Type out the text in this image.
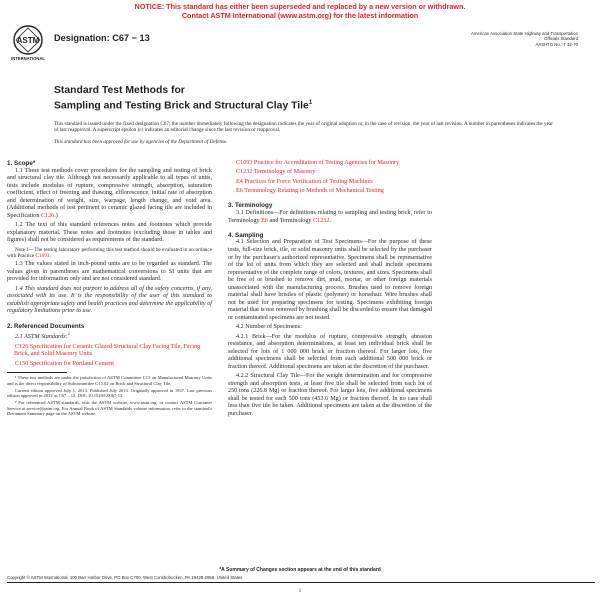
NOTICE: This standard has either been superseded and replaced by a new version or withdrawn.
Contact ASTM International (www.astm.org) for the latest information
ASTM
INTERNATIONAL
Designation: C67 − 13	American Association State Highway and Transportation
Officials Standard
AASHTO No.: T 32-70
Standard Test Methods for
Sampling and Testing Brick and Structural Clay Tile$^1$

This standard is issued under the fixed designation C67; the number immediately following the designation indicates the year of original adoption or, in the case of revision, the year of last revision. A number in parentheses indicates the year of last reapproval. A superscript epsilon (ε) indicates an editorial change since the last revision or reapproval.

This standard has been approved for use by agencies of the Department of Defense.

1. Scope*

1.1 These test methods cover procedures for the sampling and testing of brick and structural clay tile. Although not necessarily applicable to all types of units, tests include modulus of rupture, compressive strength, absorption, saturation coefficient, effect of freezing and thawing, efflorescence, initial rate of absorption and determination of weight, size, warpage, length change, and void area. (Additional methods of test pertinent to ceramic glazed facing tile are included in Specification C126.)

1.2 The text of this standard references notes and footnotes which provide explanatory material. These notes and footnotes (excluding those in tables and figures) shall not be considered as requirements of the standard.

Note 1—The testing laboratory performing this test method should be evaluated in accordance with Practice C1093.

1.3 The values stated in inch-pound units are to be regarded as standard. The values given in parentheses are mathematical conversions to SI units that are provided for information only and are not considered standard.

1.4 This standard does not purport to address all of the safety concerns, if any, associated with its use. It is the responsibility of the user of this standard to establish appropriate safety and health practices and determine the applicability of regulatory limitations prior to use.

2. Referenced Documents

2.1 ASTM Standards:$^2$

C126 Specification for Ceramic Glazed Structural Clay Facing Tile, Facing Brick, and Solid Masonry Units

C150 Specification for Portland Cement

¹ These test methods are under the jurisdiction of ASTM Committee C15 on Manufactured Masonry Units and is the direct responsibility of Subcommittee C15.02 on Brick and Structural Clay Tile.

Current edition approved July 1, 2013. Published July 2013. Originally approved in 1937. Last previous edition approved in 2012 as C67 – 12. DOI: 10.1520/C0067-13.

² For referenced ASTM standards, visit the ASTM website, www.astm.org, or contact ASTM Customer Service at service@astm.org. For Annual Book of ASTM Standards volume information, refer to the standard's Document Summary page on the ASTM website.

C1093 Practice for Accreditation of Testing Agencies for Masonry

C1232 Terminology of Masonry

E4 Practices for Force Verification of Testing Machines

E6 Terminology Relating to Methods of Mechanical Testing

3. Terminology

3.1 Definitions—For definitions relating to sampling and testing brick, refer to Terminology E6 and Terminology C1232.

4. Sampling

4.1 Selection and Preparation of Test Specimens—For the purpose of these tests, full-size brick, tile, or solid masonry units shall be selected by the purchaser or by the purchaser's authorized representative. Specimens shall be representative of the lot of units from which they are selected and shall include specimens representative of the complete range of colors, textures, and sizes. Specimens shall be free of or brushed to remove dirt, mud, mortar, or other foreign materials unassociated with the manufacturing process. Brushes used to remove foreign material shall have bristles of plastic (polymer) or horsehair. Wire brushes shall not be used for preparing specimens for testing. Specimens exhibiting foreign material that is not removed by brushing shall be discarded to ensure that damaged or contaminated specimens are not tested.

4.2 Number of Specimens:

4.2.1 Brick—For the modulus of rupture, compressive strength, abrasion resistance, and absorption determinations, at least ten individual brick shall be selected for lots of 1 000 000 brick or fraction thereof. For larger lots, five additional specimens shall be selected from each additional 500 000 brick or fraction thereof. Additional specimens are taken at the discretion of the purchaser.

4.2.2 Structural Clay Tile—For the weight determination and for compressive strength and absorption tests, at least five tile shall be selected from each lot of 250 tons (226.8 Mg) or fraction thereof. For larger lots, five additional specimens shall be tested for each 500 tons (453.6 Mg) or fraction thereof. In no case shall less than five tile be taken. Additional specimens are taken at the discretion of the purchaser.

*A Summary of Changes section appears at the end of this standard
Copyright © ASTM International, 100 Barr Harbor Drive, PO Box C700, West Conshohocken, PA 19428-2959. United States
1
